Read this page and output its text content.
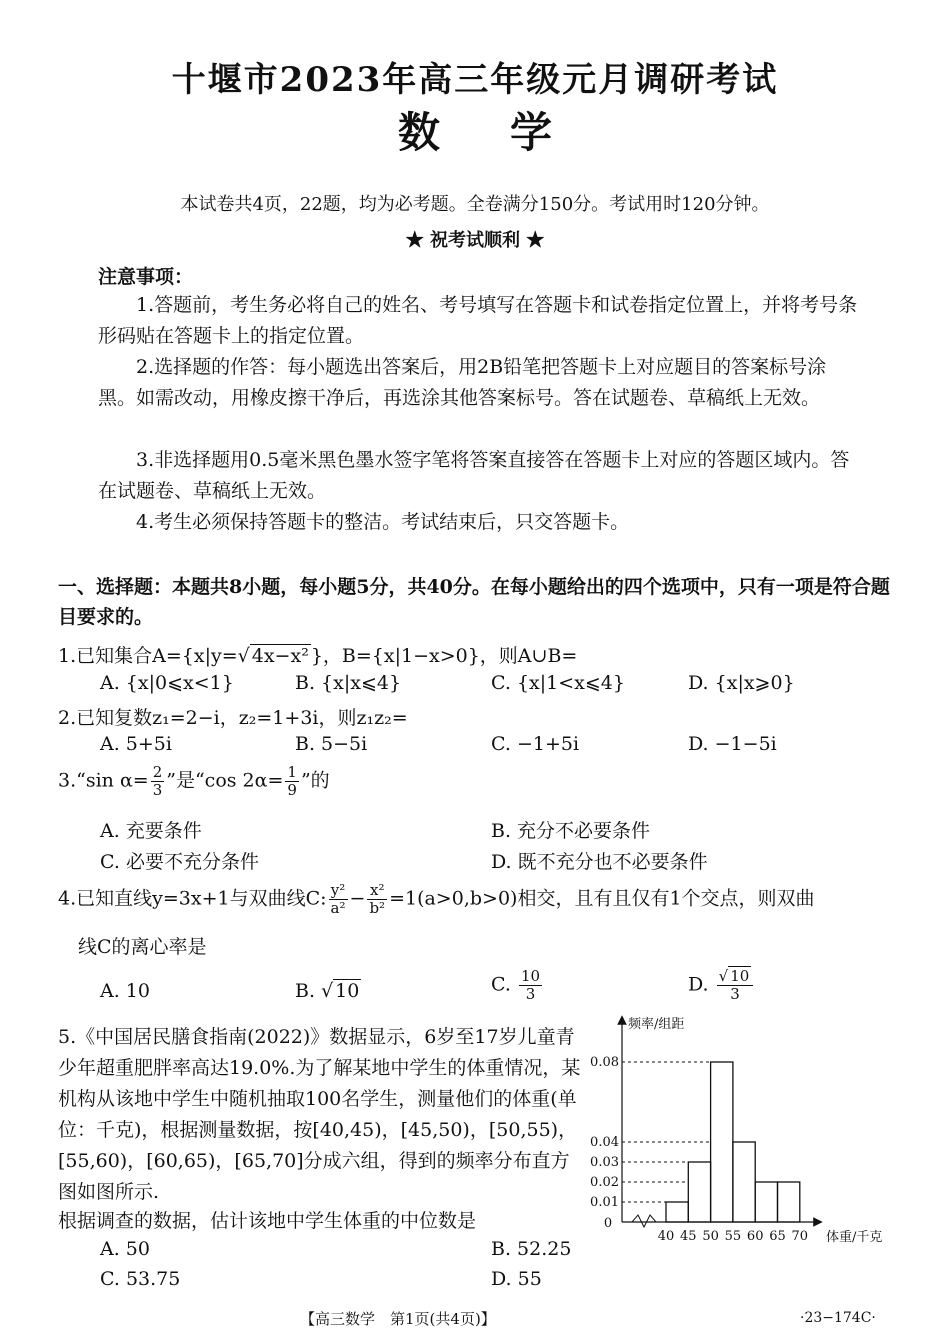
十堰市2023年高三年级元月调研考试
数学
本试卷共4页，22题，均为必考题。全卷满分150分。考试用时120分钟。
★ 祝考试顺利 ★
注意事项：
1.答题前，考生务必将自己的姓名、考号填写在答题卡和试卷指定位置上，并将考号条形码贴在答题卡上的指定位置。
2.选择题的作答：每小题选出答案后，用2B铅笔把答题卡上对应题目的答案标号涂黑。如需改动，用橡皮擦干净后，再选涂其他答案标号。答在试题卷、草稿纸上无效。
3.非选择题用0.5毫米黑色墨水签字笔将答案直接答在答题卡上对应的答题区域内。答在试题卷、草稿纸上无效。
4.考生必须保持答题卡的整洁。考试结束后，只交答题卡。
一、选择题：本题共8小题，每小题5分，共40分。在每小题给出的四个选项中，只有一项是符合题目要求的。
1.已知集合A={x|y=√ 4x−x² }，B={x|1−x>0}，则A∪B=
A. {x|0⩽x<1}	B. {x|x⩽4}	C. {x|1<x⩽4}	D. {x|x⩾0}
2.已知复数z₁=2−i，z₂=1+3i，则z₁z₂=
A. 5+5i	B. 5−5i	C. −1+5i	D. −1−5i
3.“sin $\alpha= \frac{2}{3}$ ”是“cos $2\alpha= \frac{1}{9}$ ”的
A. 充要条件	B. 充分不必要条件
C. 必要不充分条件	D. 既不充分也不必要条件
4.已知直线y=3x+1与双曲线C: $\frac{\text{y²}}{\text{a²}} - \frac{\text{x²}}{\text{b²}} =1(a>0,b>0)$相交，且有且仅有1个交点，则双曲
线C的离心率是
A. 10	B. √ 10	C. $\frac{10}{3}$	D. $\frac{√ 10}{3}$
5.《中国居民膳食指南(2022)》数据显示，6岁至17岁儿童青少年超重肥胖率高达19.0%.为了解某地中学生的体重情况，某机构从该地中学生中随机抽取100名学生，测量他们的体重(单位：千克)，根据测量数据，按[40,45)，[45,50)，[50,55)，[55,60)，[60,65)，[65,70]分成六组，得到的频率分布直方图如图所示.
根据调查的数据，估计该地中学生体重的中位数是
A. 50	B. 52.25
C. 53.75	D. 55
频率/组距
体重/千克
0
0.08
0.04
0.03
0.02
0.01
40 45 50 55 60 65 70
【高三数学　第1页(共4页)】	·23−174C·
